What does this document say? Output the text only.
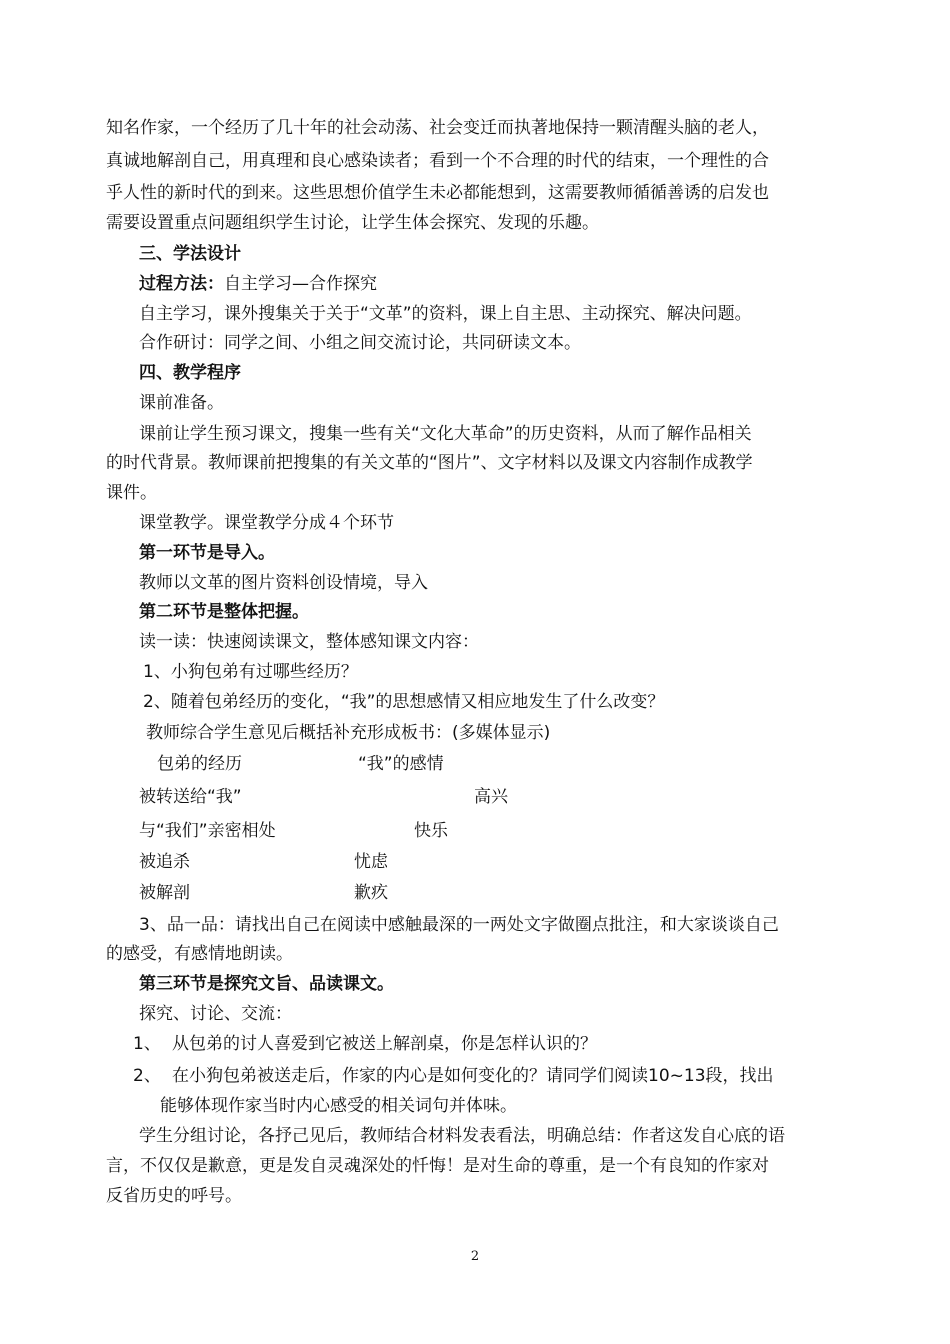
知名作家，一个经历了几十年的社会动荡、社会变迁而执著地保持一颗清醒头脑的老人，
真诚地解剖自己，用真理和良心感染读者；看到一个不合理的时代的结束，一个理性的合
乎人性的新时代的到来。这些思想价值学生未必都能想到，这需要教师循循善诱的启发也
需要设置重点问题组织学生讨论，让学生体会探究、发现的乐趣。
三、学法设计
过程方法：自主学习—合作探究
自主学习，课外搜集关于关于“文革”的资料，课上自主思、主动探究、解决问题。
合作研讨：同学之间、小组之间交流讨论，共同研读文本。
四、教学程序
课前准备。
课前让学生预习课文，搜集一些有关“文化大革命”的历史资料，从而了解作品相关
的时代背景。教师课前把搜集的有关文革的“图片”、文字材料以及课文内容制作成教学
课件。
课堂教学。课堂教学分成４个环节
第一环节是导入。
教师以文革的图片资料创设情境，导入
第二环节是整体把握。
读一读：快速阅读课文，整体感知课文内容：
1、小狗包弟有过哪些经历？
2、随着包弟经历的变化，“我”的思想感情又相应地发生了什么改变？
教师综合学生意见后概括补充形成板书：(多媒体显示)
包弟的经历	“我”的感情
被转送给“我”	高兴
与“我们”亲密相处	快乐
被追杀	忧虑
被解剖	歉疚
3、品一品：请找出自己在阅读中感触最深的一两处文字做圈点批注，和大家谈谈自己
的感受，有感情地朗读。
第三环节是探究文旨、品读课文。
探究、讨论、交流：
1、 从包弟的讨人喜爱到它被送上解剖桌，你是怎样认识的？
2、 在小狗包弟被送走后，作家的内心是如何变化的？请同学们阅读10~13段，找出
能够体现作家当时内心感受的相关词句并体味。
学生分组讨论，各抒己见后，教师结合材料发表看法，明确总结：作者这发自心底的语
言，不仅仅是歉意，更是发自灵魂深处的忏悔！是对生命的尊重，是一个有良知的作家对
反省历史的呼号。
2
